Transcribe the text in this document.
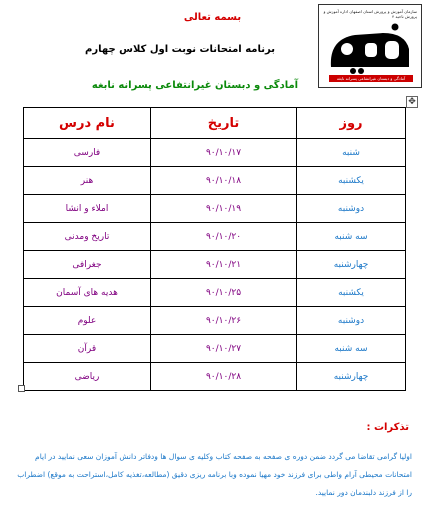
بسمه تعالی
برنامه امتحانات نوبت اول کلاس چهارم
آمادگی و دبستان غیرانتفاعی پسرانه نابغه
سازمان آموزش و پرورش استان اصفهان اداره آموزش و پرورش ناحیه ۴
آمادگی و دبستان غیرانتفاعی پسرانه نابغه
✥
روز	تاریخ	نام درس
شنبه	۹۰/۱۰/۱۷	فارسی
یکشنبه	۹۰/۱۰/۱۸	هنر
دوشنبه	۹۰/۱۰/۱۹	املاء و انشا
سه شنبه	۹۰/۱۰/۲۰	تاریخ ومدنی
چهارشنبه	۹۰/۱۰/۲۱	جغرافی
یکشنبه	۹۰/۱۰/۲۵	هدیه های آسمان
دوشنبه	۹۰/۱۰/۲۶	علوم
سه شنبه	۹۰/۱۰/۲۷	قرآن
چهارشنبه	۹۰/۱۰/۲۸	ریاضی
تذکرات :
اولیا گرامی تقاضا می گردد ضمن دوره ی صفحه به صفحه کتاب وکلیه ی سوال ها ودفاتر دانش آموزان سعی نمایید در ایام امتحانات محیطی آرام واطی برای فرزند خود مهیا نموده وبا برنامه ریزی دقیق (مطالعه،تغذیه کامل،استراحت به موقع) اضطراب را از فرزند دلبندمان دور نمایید.
